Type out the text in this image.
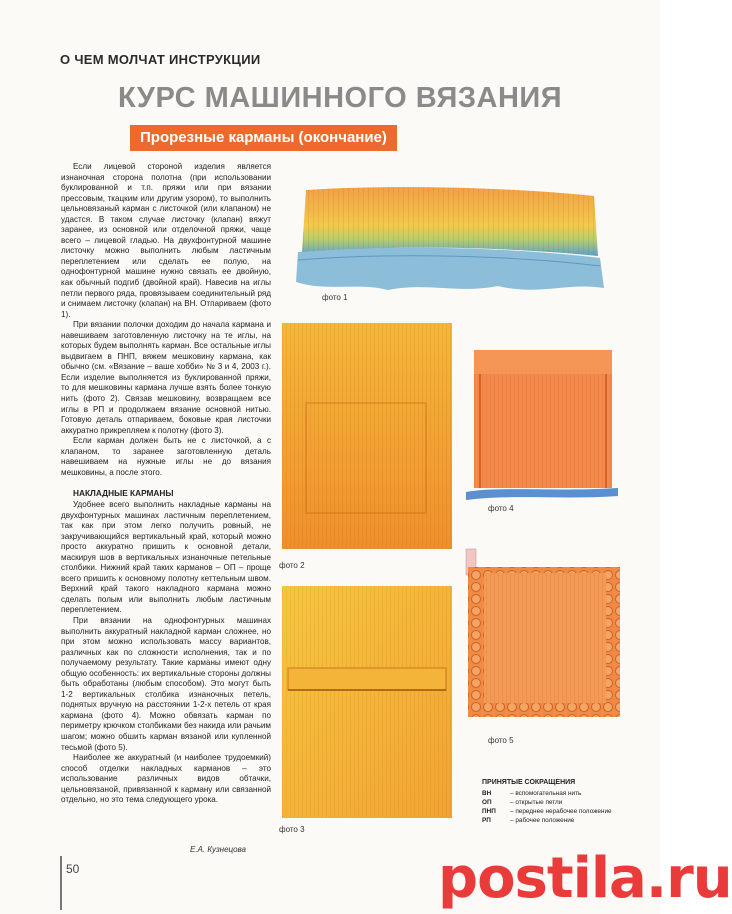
О ЧЕМ МОЛЧАТ ИНСТРУКЦИИ
КУРС МАШИННОГО ВЯЗАНИЯ
Прорезные карманы (окончание)

Если лицевой стороной изделия является изнаночная сторона полотна (при использовании буклированной и т.п. пряжи или при вязании прессовым, ткацким или другим узором), то выполнить цельновязаный карман с листочкой (или клапаном) не удастся. В таком случае листочку (клапан) вяжут заранее, из основной или отделочной пряжи, чаще всего – лицевой гладью. На двухфонтурной машине листочку можно выполнить любым ластичным переплетением или сделать ее полую, на однофонтурной машине нужно связать ее двойную, как обычный подгиб (двойной край). Навесив на иглы петли первого ряда, провязываем соединительный ряд и снимаем листочку (клапан) на ВН. Отпариваем (фото 1).

При вязании полочки доходим до начала кармана и навешиваем заготовленную листочку на те иглы, на которых будем выполнять карман. Все остальные иглы выдвигаем в ПНП, вяжем мешковину кармана, как обычно (см. «Вязание – ваше хобби» № 3 и 4, 2003 г.). Если изделие выполняется из буклированной пряжи, то для мешковины кармана лучше взять более тонкую нить (фото 2). Связав мешковину, возвращаем все иглы в РП и продолжаем вязание основной нитью. Готовую деталь отпариваем, боковые края листочки аккуратно прикрепляем к полотну (фото 3).

Если карман должен быть не с листочкой, а с клапаном, то заранее заготовленную деталь навешиваем на нужные иглы не до вязания мешковины, а после этого.

НАКЛАДНЫЕ КАРМАНЫ

Удобнее всего выполнить накладные карманы на двухфонтурных машинах ластичным переплетением, так как при этом легко получить ровный, не закручивающийся вертикальный край, который можно просто аккуратно пришить к основной детали, маскируя шов в вертикальных изнаночные петельные столбики. Нижний край таких карманов – ОП – проще всего пришить к основному полотну кеттельным швом. Верхний край такого накладного кармана можно сделать полым или выполнить любым ластичным переплетением.

При вязании на однофонтурных машинах выполнить аккуратный накладной карман сложнее, но при этом можно использовать массу вариантов, различных как по сложности исполнения, так и по получаемому результату. Такие карманы имеют одну общую особенность: их вертикальные стороны должны быть обработаны (любым способом). Это могут быть 1-2 вертикальных столбика изнаночных петель, поднятых вручную на расстоянии 1-2-х петель от края кармана (фото 4). Можно обвязать карман по периметру крючком столбиками без накида или рачьим шагом; можно обшить карман вязаной или купленной тесьмой (фото 5).

Наиболее же аккуратный (и наиболее трудоемкий) способ отделки накладных карманов – это использование различных видов обтачки, цельновязаной, привязанной к карману или связанной отдельно, но это тема следующего урока.

Е.А. Кузнецова
50
фото 1
фото 2
фото 3
фото 4
фото 5
ПРИНЯТЫЕ СОКРАЩЕНИЯ
ВН	– вспомогательная нить
ОП	– открытые петли
ПНП	– переднее нерабочее положение
РП	– рабочее положение
postila.ru
